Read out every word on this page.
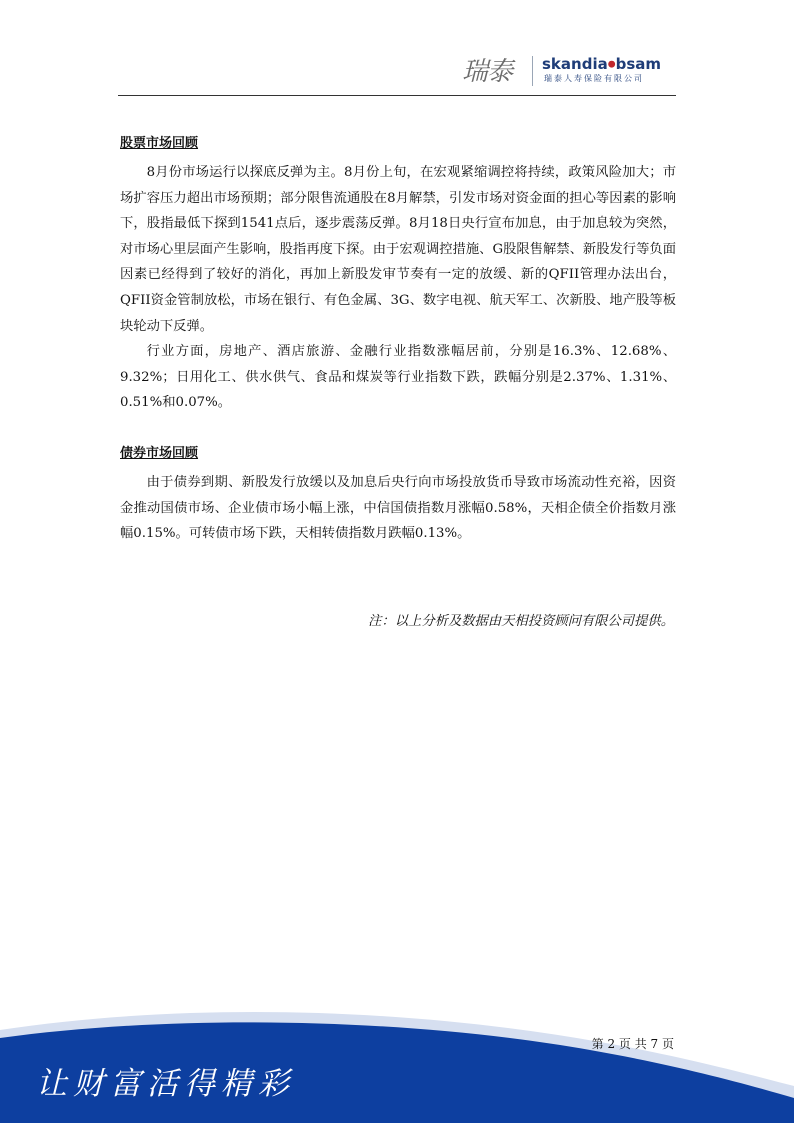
瑞泰	skandia●bsam
瑞泰人寿保险有限公司

股票市场回顾

8月份市场运行以探底反弹为主。8月份上旬，在宏观紧缩调控将持续，政策风险加大；市场扩容压力超出市场预期；部分限售流通股在8月解禁，引发市场对资金面的担心等因素的影响下，股指最低下探到1541点后，逐步震荡反弹。8月18日央行宣布加息，由于加息较为突然，对市场心里层面产生影响，股指再度下探。由于宏观调控措施、G股限售解禁、新股发行等负面因素已经得到了较好的消化，再加上新股发审节奏有一定的放缓、新的QFII管理办法出台，QFII资金管制放松，市场在银行、有色金属、3G、数字电视、航天军工、次新股、地产股等板块轮动下反弹。

行业方面，房地产、酒店旅游、金融行业指数涨幅居前，分别是16.3%、12.68%、9.32%；日用化工、供水供气、食品和煤炭等行业指数下跌，跌幅分别是2.37%、1.31%、0.51%和0.07%。

债券市场回顾

由于债券到期、新股发行放缓以及加息后央行向市场投放货币导致市场流动性充裕，因资金推动国债市场、企业债市场小幅上涨，中信国债指数月涨幅0.58%，天相企债全价指数月涨幅0.15%。可转债市场下跌，天相转债指数月跌幅0.13%。

注：以上分析及数据由天相投资顾问有限公司提供。
第 2 页 共 7 页
让财富活得精彩
